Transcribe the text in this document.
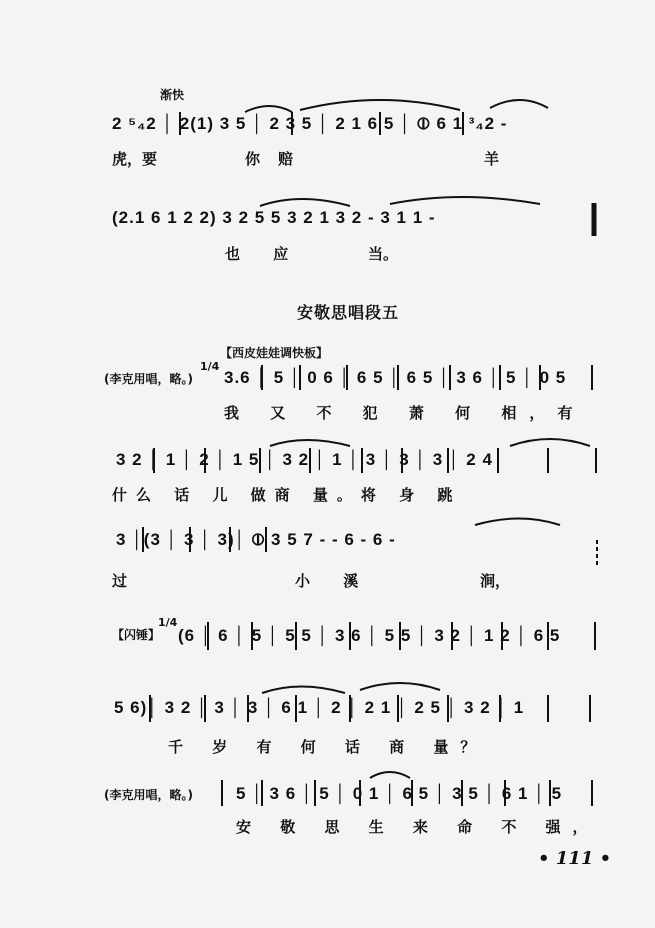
渐快
2 ⁵₄2 │ 2(1) 3 5 │ 2 3 5 │ 2 1 6 5 │ ⦶ 6 1 ³₄2 -
虎，要	你赔	羊
(2.1 6 1 2 2) 3 2 5 5 3 2 1 3 2 - 3 1 1 -
也 应	当。
安敬思唱段五
【西皮娃娃调快板】
(李克用唱，略。)
1/4
3.6 │ 5 │ 0 6 │ 6 5 │ 6 5 │ 3 6 │ 5 │ 0 5
我 又 不 犯 萧 何 相，有
3 2 │ 1 │ 2 │ 1 5 │ 3 2 │ 1 │ 3 │ 3 │ 3 │ 2 4
什么 话 儿 做商 量。将 身 跳
3 │(3 │ 3 │ 3)│ ⦶ 3 5 7 - - 6 - 6 -
过	小 溪	涧，
【闪锤】
1/4
(6 │ 6 │ 5 │ 5 5 │ 3 6 │ 5 5 │ 3 2 │ 1 2 │ 6 5
5 6)│ 3 2 │ 3 │ 3 │ 6 1 │ 2 │ 2 1 │ 2 5 │ 3 2 │ 1
千 岁 有 何 话 商 量？
(李克用唱，略。)	5 │ 3 6 │ 5 │ 0 1 │ 6 5 │ 3 5 │ 6 1 │ 5
安 敬 思 生 来 命 不 强，
• 111 •
